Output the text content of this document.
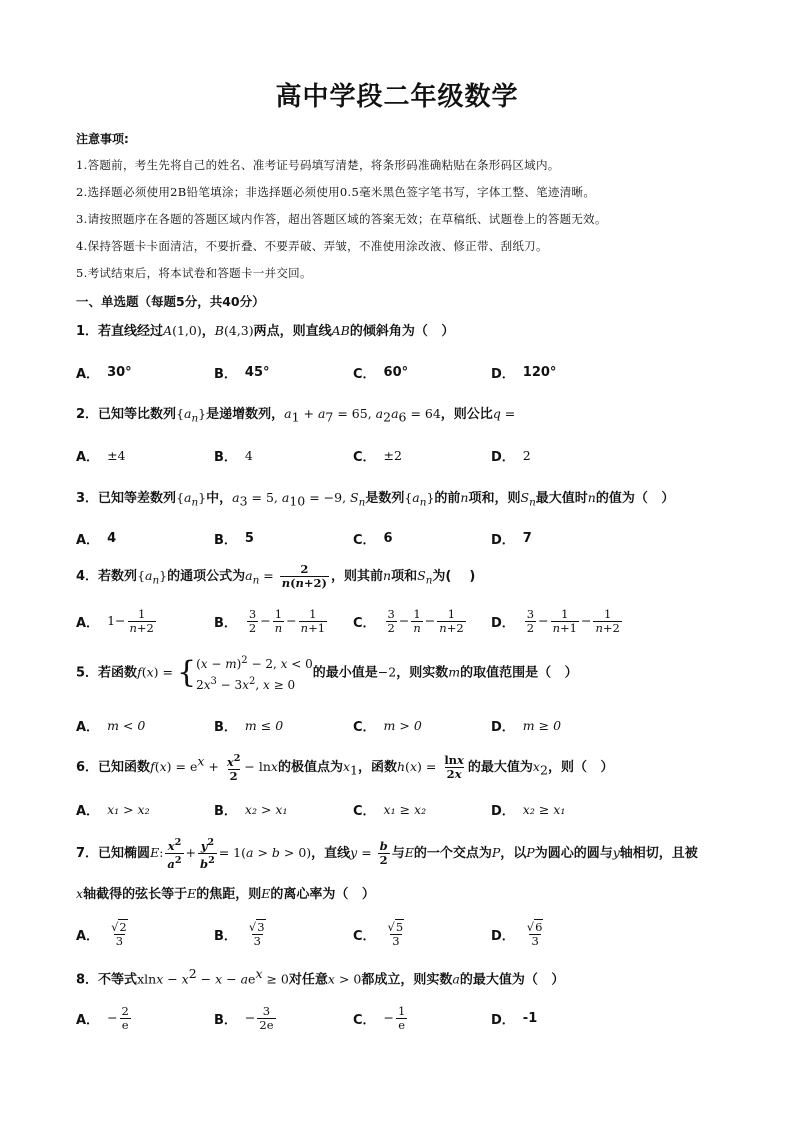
高中学段二年级数学
注意事项:
1.答题前，考生先将自己的姓名、准考证号码填写清楚，将条形码准确粘贴在条形码区域内。
2.选择题必须使用2B铅笔填涂；非选择题必须使用0.5毫米黑色签字笔书写，字体工整、笔迹清晰。
3.请按照题序在各题的答题区域内作答，超出答题区域的答案无效；在草稿纸、试题卷上的答题无效。
4.保持答题卡卡面清洁，不要折叠、不要弄破、弄皱，不准使用涂改液、修正带、刮纸刀。
5.考试结束后，将本试卷和答题卡一并交回。
一、单选题（每题5分，共40分）
1．若直线经过A(1,0)，B(4,3)两点，则直线AB的倾斜角为（   ）
A． 30°	B． 45°	C． 60°	D． 120°
2．已知等比数列$\{a_n\}$是递增数列，$a_1 + a_7 = 65$, $a_2a_6 = 64$，则公比q =
A． ±4	B． 4	C． ±2	D． 2
3．已知等差数列$\{a_n\}$中，$a_3 = 5$, $a_{10} = -9$, $S_n$是数列$\{a_n\}$的前n项和，则$S_n$最大值时n的值为（   ）
A． 4	B． 5	C． 6	D． 7
4．若数列$\{a_n\}$的通项公式为$a_n = \frac{2}{n(n+2)}$ ，则其前n项和$S_n$为(    )
A． $1- \frac{1}{n+2}$	B． $\frac{3}{2} - \frac{1}{n} - \frac{1}{n+1}$ C． $\frac{3}{2} - \frac{1}{n} - \frac{1}{n+2}$ D． $\frac{3}{2} - \frac{1}{n+1} - \frac{1}{n+2}$
5．若函数f(x) = { $(x - m)^2 - 2$, x < 0
$2x^3 - 3x^2$, x ≥ 0
的最小值是−2，则实数m的取值范围是（   ）
A． m < 0	B． m ≤ 0	C． m > 0	D． m ≥ 0
6．已知函数$f(x) = e^x + \frac{x^2}{2} - \ln x$的极值点为$x_1$，函数$h(x) = \frac{\ln x}{2x}$ 的最大值为$x_2$，则（   ）
A． x₁ > x₂	B． x₂ > x₁	C． x₁ ≥ x₂	D． x₂ ≥ x₁
7．已知椭圆E: $\frac{x^2}{a^2} + \frac{y^2}{b^2} = 1(a > b > 0)$，直线$y = \frac{b}{2}$ 与E的一个交点为P，以P为圆心的圆与y轴相切，且被
x轴截得的弦长等于E的焦距，则E的离心率为（   ）
A． $\frac{√2}{3}$	B． $\frac{√3}{3}$	C． $\frac{√5}{3}$	D． $\frac{√6}{3}$
8．不等式$xlnx - x^2 - x - ae^x \ge 0$对任意x > 0都成立，则实数a的最大值为（   ）
A． − $\frac{2}{e}$	B． − $\frac{3}{2e}$	C． − $\frac{1}{e}$	D． -1
